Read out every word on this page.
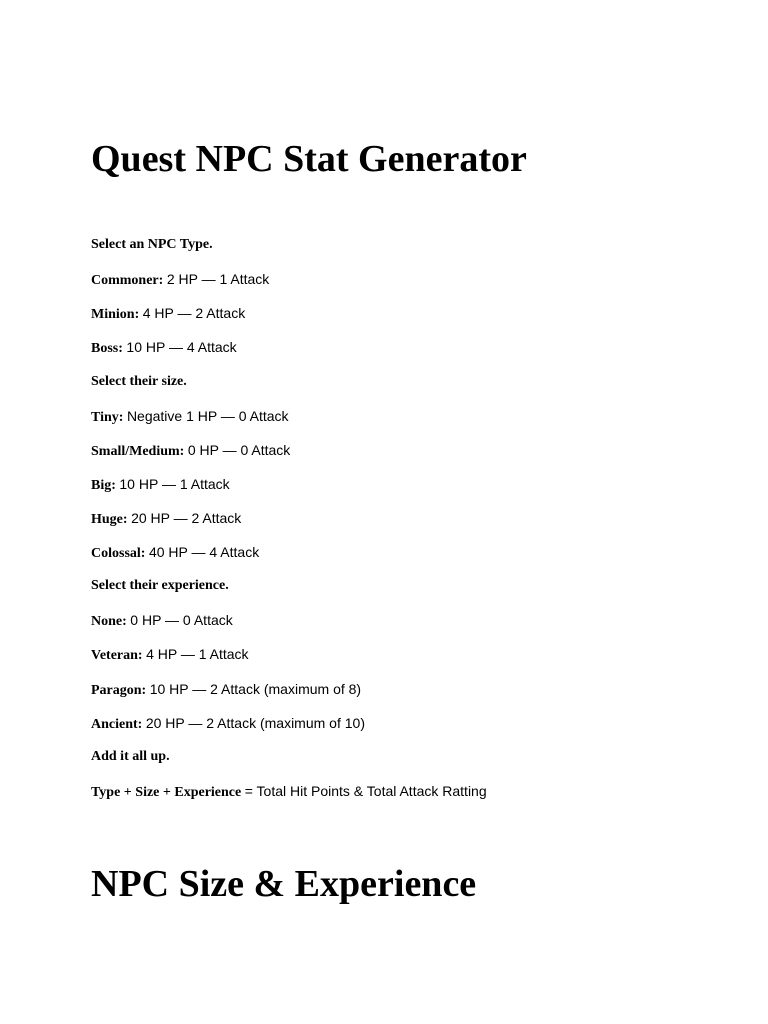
Quest NPC Stat Generator
Select an NPC Type.
Commoner: 2 HP — 1 Attack
Minion: 4 HP — 2 Attack
Boss: 10 HP — 4 Attack
Select their size.
Tiny: Negative 1 HP — 0 Attack
Small/Medium: 0 HP — 0 Attack
Big: 10 HP — 1 Attack
Huge: 20 HP — 2 Attack
Colossal: 40 HP — 4 Attack
Select their experience.
None: 0 HP — 0 Attack
Veteran: 4 HP — 1 Attack
Paragon: 10 HP — 2 Attack (maximum of 8)
Ancient: 20 HP — 2 Attack (maximum of 10)
Add it all up.
Type + Size + Experience = Total Hit Points & Total Attack Ratting
NPC Size & Experience
